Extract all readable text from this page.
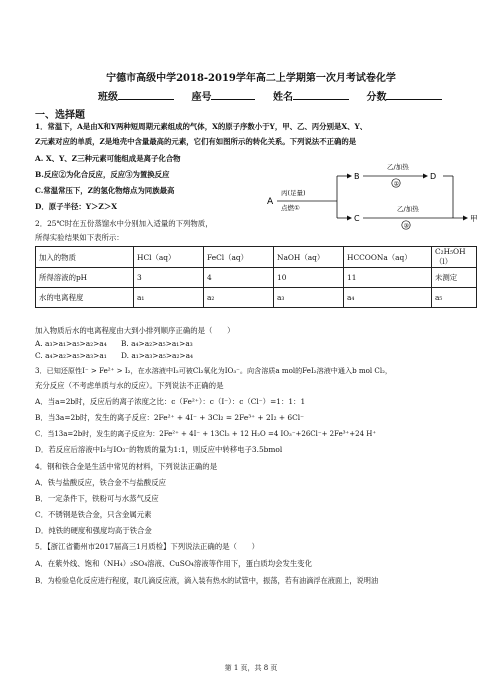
宁德市高级中学2018-2019学年高二上学期第一次月考试卷化学
班级	座号	姓名	分数
一、选择题
1．常温下，A是由X和Y两种短周期元素组成的气体，X的原子序数小于Y，甲、乙、丙分别是X、Y、
Z元素对应的单质，Z是地壳中含量最高的元素，它们有如图所示的转化关系。下列说法不正确的是
A. X、Y、Z三种元素可能组成是离子化合物
B.反应②为化合反应，反应③为置换反应
C.常温常压下，Z的氢化物熔点为同族最高
D．原子半径：Y＞Z＞X	A
丙(足量)
点燃①
B
C
乙/加热
②
D
乙/加热
③
甲
2．25℃时在五份蒸馏水中分别加入适量的下列物质，
所得实验结果如下表所示：
加入的物质	HCl（aq）	FeCl（aq）	NaOH（aq）	HCCOONa（aq）	C₂H₅OH（l）
所得溶液的pH	3	4	10	11	未测定
水的电离程度	a₁	a₂	a₃	a₄	a₅
加入物质后水的电离程度由大到小排列顺序正确的是（　　）
A. a₃>a₁>a₅>a₂>a₄ B. a₄>a₂>a₅>a₁>a₃
C. a₄>a₂>a₅>a₃>a₁ D. a₁>a₃>a₅>a₂>a₄
3．已知还原性I⁻ > Fe²⁺ > I₂，在水溶液中I₂可被Cl₂氧化为IO₃⁻。向含溶质a mol的FeI₂溶液中通入b mol Cl₂，
充分反应（不考虑单质与水的反应）。下列说法不正确的是
A．当a=2b时，反应后的离子浓度之比：c（Fe²⁺）：c（I⁻）：c（Cl⁻）=1：1：1
B．当3a=2b时，发生的离子反应：2Fe²⁺ + 4I⁻ + 3Cl₂ = 2Fe³⁺ + 2I₂ + 6Cl⁻
C．当13a=2b时，发生的离子反应为：2Fe²⁺ + 4I⁻ + 13Cl₂ + 12 H₂O =4 IO₃⁻+26Cl⁻+ 2Fe³⁺+24 H⁺
D．若反应后溶液中I₂与IO₃⁻的物质的量为1:1，则反应中转移电子3.5bmol
4．钢和铁合金是生活中常见的材料，下列说法正确的是
A．铁与盐酸反应，铁合金不与盐酸反应
B．一定条件下，铁粉可与水蒸气反应
C．不锈钢是铁合金，只含金属元素
D．纯铁的硬度和强度均高于铁合金
5．【浙江省衢州市2017届高三1月质检】下列说法正确的是（　　）
A．在紫外线、饱和（NH₄）₂SO₄溶液、CuSO₄溶液等作用下，蛋白质均会发生变化
B．为检验皂化反应进行程度，取几滴反应液，滴入装有热水的试管中，振荡，若有油滴浮在液面上，说明油
第 1 页，共 8 页
